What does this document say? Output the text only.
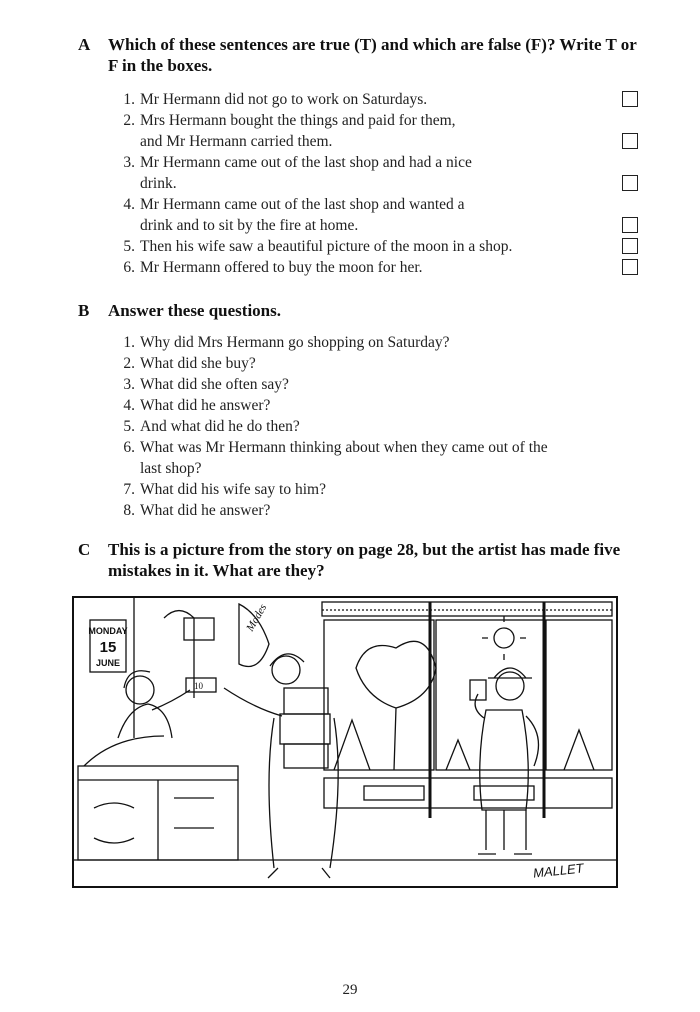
A	Which of these sentences are true (T) and which are false (F)? Write T or F in the boxes.
1. Mr Hermann did not go to work on Saturdays.
2. Mrs Hermann bought the things and paid for them,
and Mr Hermann carried them.
3. Mr Hermann came out of the last shop and had a nice
drink.
4. Mr Hermann came out of the last shop and wanted a
drink and to sit by the fire at home.
5. Then his wife saw a beautiful picture of the moon in a shop.
6. Mr Hermann offered to buy the moon for her.
B	Answer these questions.
1. Why did Mrs Hermann go shopping on Saturday?
2. What did she buy?
3. What did she often say?
4. What did he answer?
5. And what did he do then?
6. What was Mr Hermann thinking about when they came out of the
last shop?
7. What did his wife say to him?
8. What did he answer?
C	This is a picture from the story on page 28, but the artist has made five mistakes in it. What are they?
MONDAY
15
JUNE
Modes
10
MALLET
29
